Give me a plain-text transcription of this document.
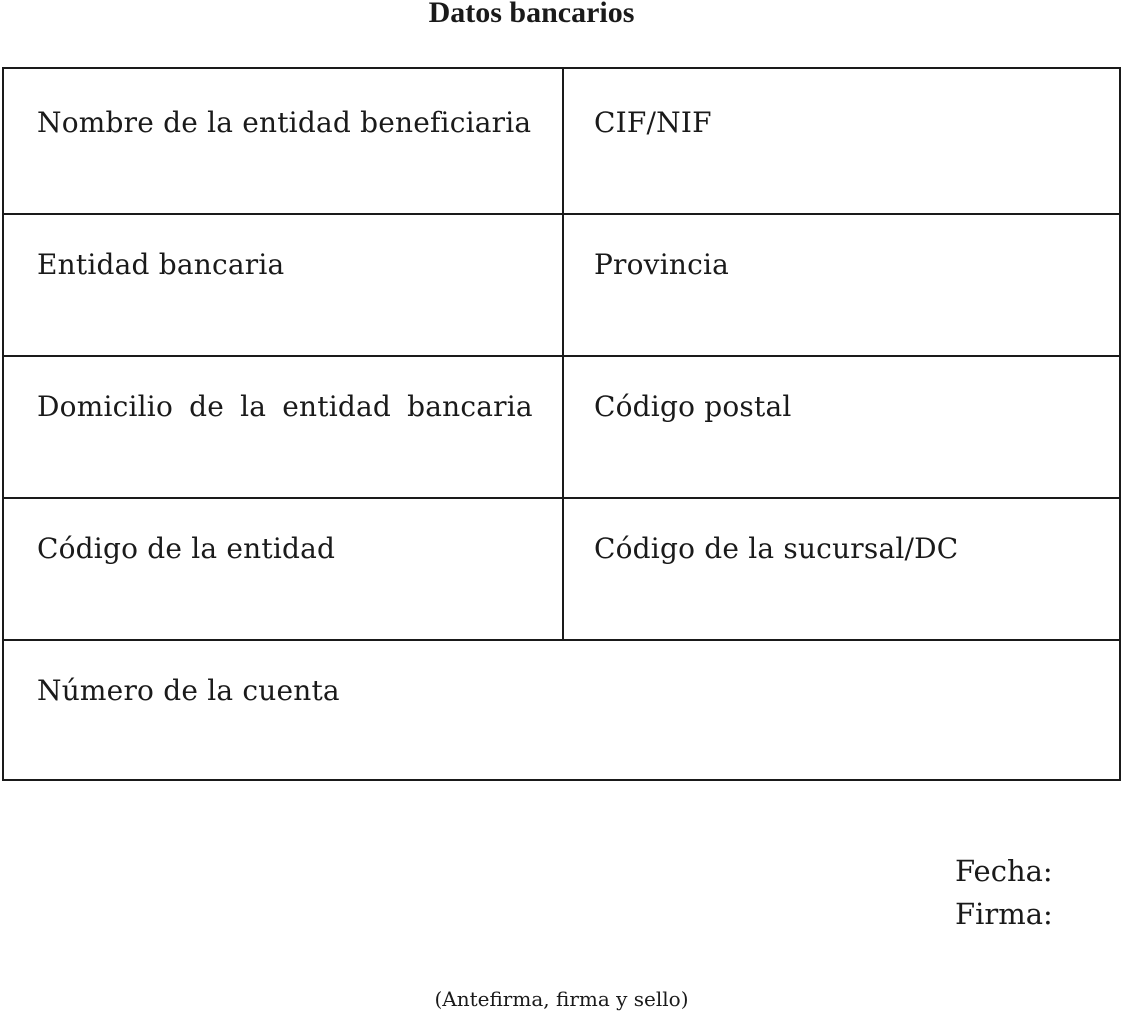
Datos bancarios
Nombre de la entidad beneficiaria CIF/NIF
Entidad bancaria	Provincia
Domicilio de la entidad bancaria Código postal
Código de la entidad	Código de la sucursal/DC
Número de la cuenta
Fecha:
Firma:
(Antefirma, firma y sello)
